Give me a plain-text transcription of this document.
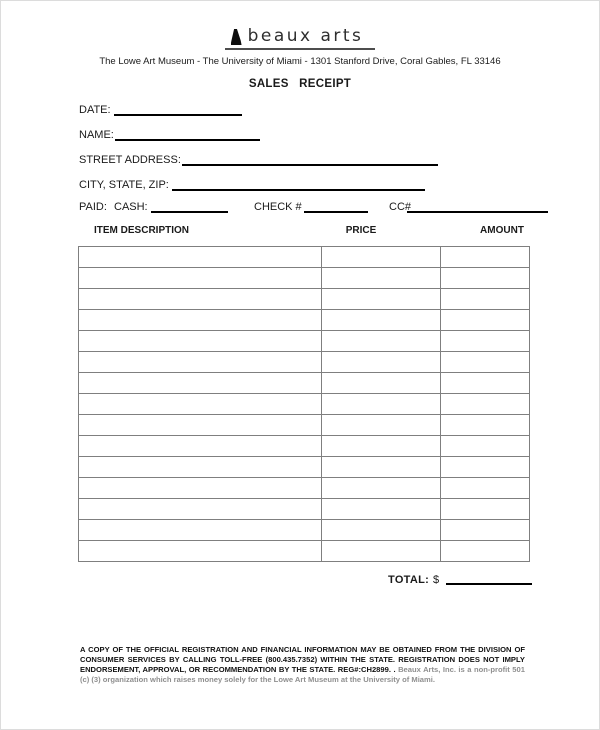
beaux arts
The Lowe Art Museum - The University of Miami - 1301 Stanford Drive, Coral Gables, FL 33146
SALES   RECEIPT
DATE:
NAME:
STREET ADDRESS:
CITY, STATE, ZIP:
PAID: CASH:	CHECK #	CC#
ITEM DESCRIPTION	PRICE	AMOUNT

TOTAL: $
A COPY OF THE OFFICIAL REGISTRATION AND FINANCIAL INFORMATION MAY BE OBTAINED FROM THE DIVISION OF CONSUMER SERVICES BY CALLING TOLL-FREE (800.435.7352) WITHIN THE STATE. REGISTRATION DOES NOT IMPLY ENDORSEMENT, APPROVAL, OR RECOMMENDATION BY THE STATE. REG#:CH2899. . Beaux Arts, Inc. is a non-profit 501 (c) (3) organization which raises money solely for the Lowe Art Museum at the University of Miami.
